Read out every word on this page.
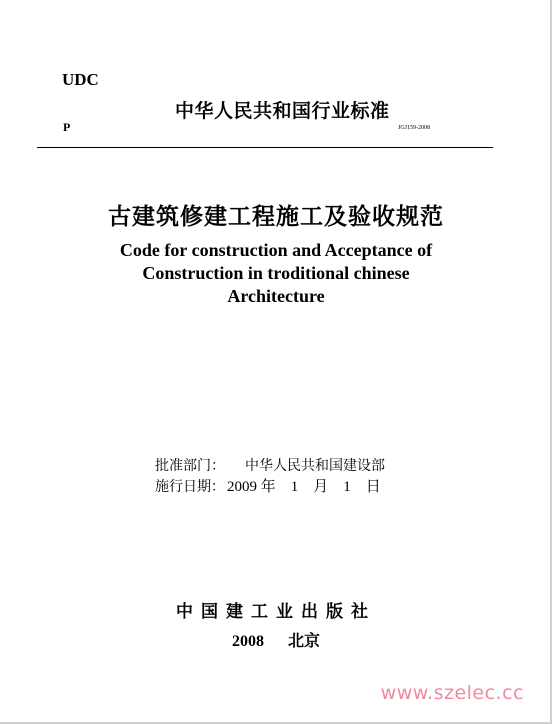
UDC
中华人民共和国行业标准
P	JGJ159-2008
古建筑修建工程施工及验收规范
Code for construction and Acceptance of
Construction in troditional chinese
Architecture
批准部门： 中华人民共和国建设部
施行日期： 2009 年　1　月　1　日
中国建工业出版社
2008 北京
www.szelec.cc
